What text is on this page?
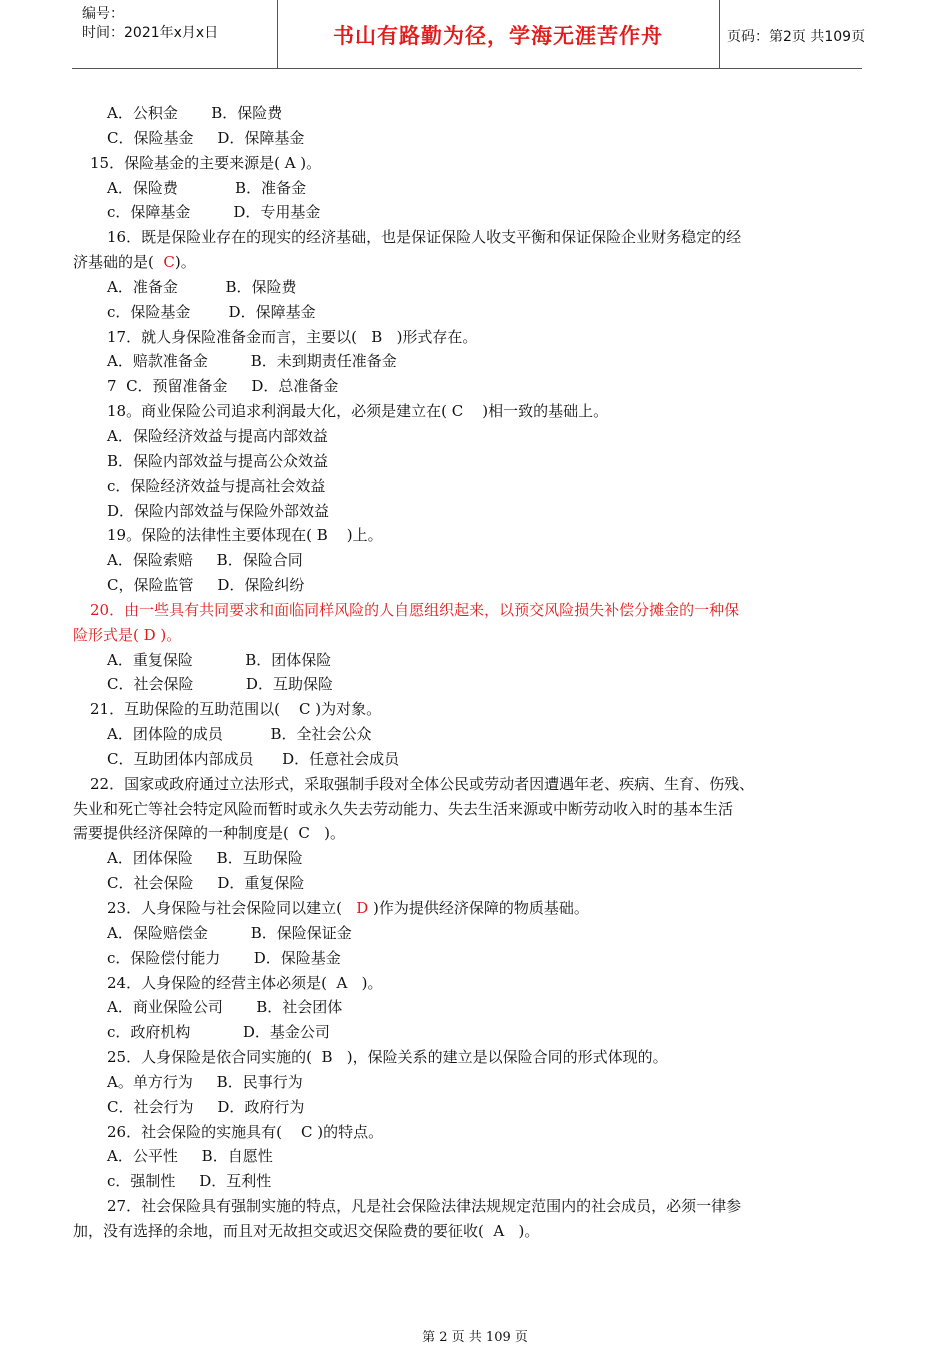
编号：
时间：2021年x月x日	书山有路勤为径，学海无涯苦作舟	页码：第2页 共109页
A．公积金       B．保险费
C．保险基金     D．保障基金
15．保险基金的主要来源是( A )。
A．保险费            B．准备金
c．保障基金         D．专用基金
16．既是保险业存在的现实的经济基础，也是保证保险人收支平衡和保证保险企业财务稳定的经
济基础的是(  C)。
A．准备金          B．保险费
c．保险基金        D．保障基金
17．就人身保险准备金而言，主要以(   B   )形式存在。
A．赔款准备金         B．未到期责任准备金
7  C．预留准备金     D．总准备金
18。商业保险公司追求利润最大化，必须是建立在( C    )相一致的基础上。
A．保险经济效益与提高内部效益
B．保险内部效益与提高公众效益
c．保险经济效益与提高社会效益
D．保险内部效益与保险外部效益
19。保险的法律性主要体现在( B    )上。
A．保险索赔     B．保险合同
C，保险监管     D．保险纠纷
20．由一些具有共同要求和面临同样风险的人自愿组织起来，以预交风险损失补偿分摊金的一种保
险形式是( D )。
A．重复保险           B．团体保险
C．社会保险           D．互助保险
21．互助保险的互助范围以(    C )为对象。
A．团体险的成员          B．全社会公众
C．互助团体内部成员      D．任意社会成员
22．国家或政府通过立法形式，采取强制手段对全体公民或劳动者因遭遇年老、疾病、生育、伤残、
失业和死亡等社会特定风险而暂时或永久失去劳动能力、失去生活来源或中断劳动收入时的基本生活
需要提供经济保障的一种制度是(  C   )。
A．团体保险     B．互助保险
C．社会保险     D．重复保险
23．人身保险与社会保险同以建立(   D )作为提供经济保障的物质基础。
A．保险赔偿金         B．保险保证金
c．保险偿付能力       D．保险基金
24．人身保险的经营主体必须是(  A   )。
A．商业保险公司       B．社会团体
c．政府机构           D．基金公司
25．人身保险是依合同实施的(  B   )，保险关系的建立是以保险合同的形式体现的。
A。单方行为     B．民事行为
C．社会行为     D．政府行为
26．社会保险的实施具有(    C )的特点。
A．公平性     B．自愿性
c．强制性     D．互利性
27．社会保险具有强制实施的特点，凡是社会保险法律法规规定范围内的社会成员，必须一律参
加，没有选择的余地，而且对无故担交或迟交保险费的要征收(  A   )。
第 2 页 共 109 页
